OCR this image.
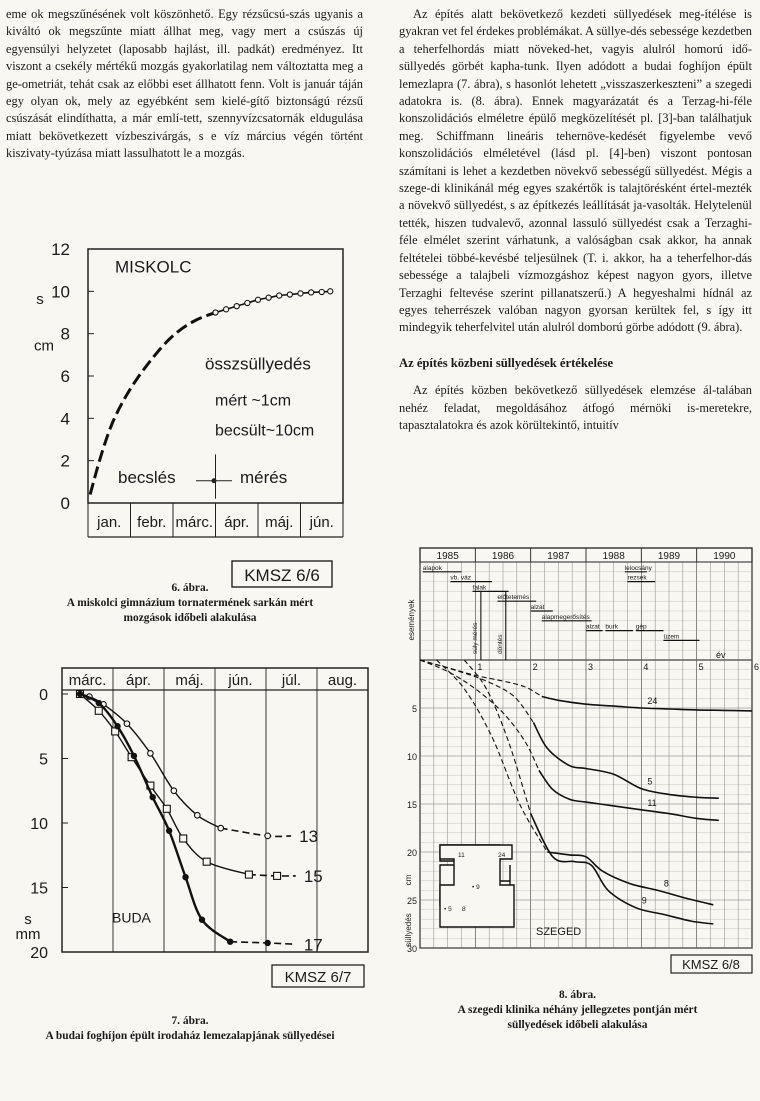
eme ok megszűnésének volt köszönhető. Egy rézsűcsú-szás ugyanis a kiváltó ok megszűnte miatt állhat meg, vagy mert a csúszás új egyensúlyi helyzetet (laposabb hajlást, ill. padkát) eredményez. Itt viszont a csekély mértékű mozgás gyakorlatilag nem változtatta meg a ge-ometriát, tehát csak az előbbi eset állhatott fenn. Volt is január táján egy olyan ok, mely az egyébként sem kielé-gítő biztonságú rézsű csúszását elindíthatta, a már emlí-tett, szennyvízcsatornák eldugulása miatt bekövetkezett vízbeszivárgás, s e víz március végén történt kiszivaty-tyúzása miatt lassulhatott le a mozgás.

Az építés alatt bekövetkező kezdeti süllyedések meg-ítélése is gyakran vet fel érdekes problémákat. A süllye-dés sebessége kezdetben a teherfelhordás miatt növeked-het, vagyis alulról homorú idő-süllyedés görbét kapha-tunk. Ilyen adódott a budai foghíjon épült lemezlapra (7. ábra), s hasonlót lehetett „visszaszerkeszteni” a szegedi adatokra is. (8. ábra). Ennek magyarázatát és a Terzag-hi-féle konszolidációs elméletre épülő megközelítését pl. [3]-ban találhatjuk meg. Schiffmann lineáris tehernöve-kedését figyelembe vevő konszolidációs elméletével (lásd pl. [4]-ben) viszont pontosan számítani is lehet a kezdetben növekvő sebességű süllyedést. Mégis a szege-di klinikánál még egyes szakértők is talajtörésként értel-mezték a növekvő süllyedést, s az építkezés leállítását ja-vasolták. Helytelenül tették, hiszen tudvalevő, azonnal lassuló süllyedést csak a Terzaghi-féle elmélet szerint várhatunk, a valóságban csak akkor, ha annak feltételei többé-kevésbé teljesülnek (T. i. akkor, ha a teherfelhor-dás sebessége a talajbeli vízmozgáshoz képest nagyon gyors, illetve Terzaghi feltevése szerint pillanatszerű.) A hegyeshalmi hídnál az egyes teherrészek valóban nagyon gyorsan kerültek fel, s így itt mindegyik teherfelvitel után alulról domború görbe adódott (9. ábra).

Az építés közbeni süllyedések értékelése

Az építés közben bekövetkező süllyedések elemzése ál-talában nehéz feladat, megoldásához átfogó mérnöki is-meretekre, tapasztalatokra és azok körültekintő, intuitív

0
2
4
6
8
10
12
jan. febr. márc. ápr. máj. jún.
s
cm
MISKOLC
összsüllyedés
mért ~1cm
becsült~10cm
becslés	mérés
KMSZ 6/6
6. ábra.
A miskolci gimnázium tornatermének sarkán mért
mozgások időbeli alakulása
márc. ápr. máj. jún. júl. aug.
0
5
10
15
20
s
mm
BUDA
13
15
17
KMSZ 6/7
7. ábra.
A budai foghíjon épült irodaház lemezalapjának süllyedései
1985	1986	1987	1988	1989	1990
1	2	3	4	5	6
év
események
5
10
15
20
25
30
cm
süllyedés
alapok
vb. váz
falak
előtetemés
alzat
alapmegerősítés
alzat burk	gép
üzem
lelocsány
rezsek
súly mérés	döntés
24
5
11
8
9
11	24
• 9
• 5 8
SZEGED
KMSZ 6/8
8. ábra.
A szegedi klinika néhány jellegzetes pontján mért
süllyedések időbeli alakulása
